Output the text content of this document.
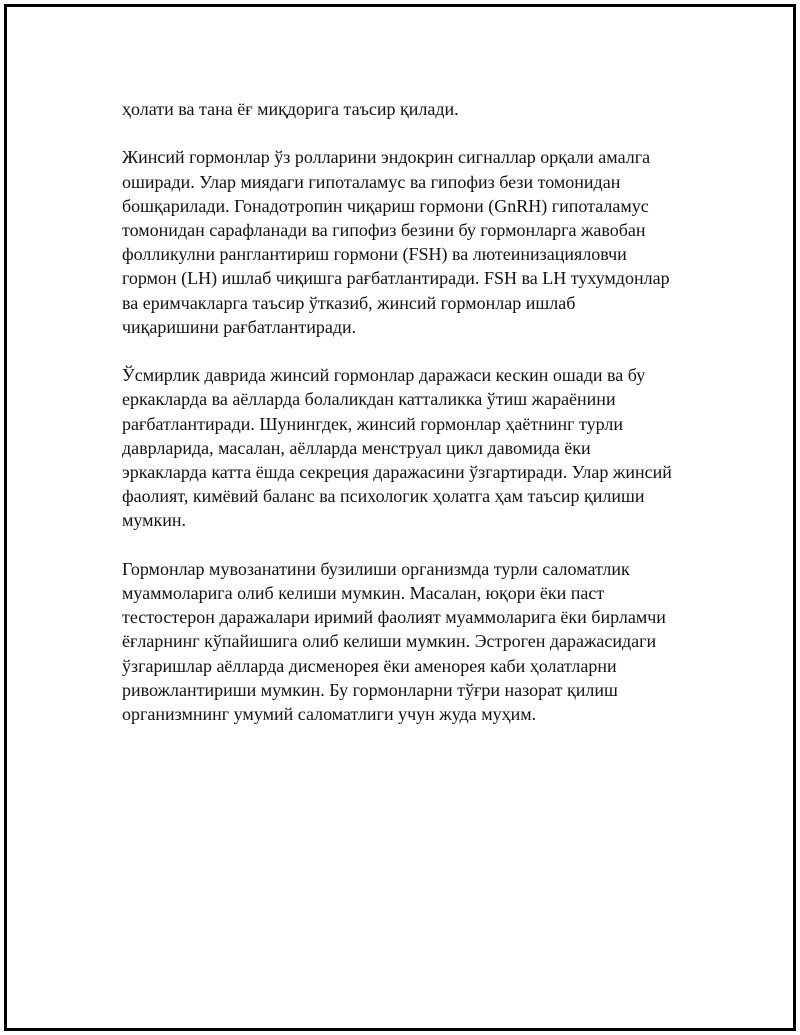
ҳолати ва тана ёғ миқдорига таъсир қилади.

Жинсий гормонлар ўз ролларини эндокрин сигналлар орқали амалга
оширади. Улар миядаги гипоталамус ва гипофиз бези томонидан
бошқарилади. Гонадотропин чиқариш гормони (GnRH) гипоталамус
томонидан сарафланади ва гипофиз безини бу гормонларга жавобан
фолликулни ранглантириш гормони (FSH) ва лютеинизацияловчи
гормон (LH) ишлаб чиқишга рағбатлантиради. FSH ва LH тухумдонлар
ва еримчакларга таъсир ўтказиб, жинсий гормонлар ишлаб
чиқаришини рағбатлантиради.

Ўсмирлик даврида жинсий гормонлар даражаси кескин ошади ва бу
еркакларда ва аёлларда болаликдан катталикка ўтиш жараёнини
рағбатлантиради. Шунингдек, жинсий гормонлар ҳаётнинг турли
даврларида, масалан, аёлларда менструал цикл давомида ёки
эркакларда катта ёшда секреция даражасини ўзгартиради. Улар жинсий
фаолият, кимёвий баланс ва психологик ҳолатга ҳам таъсир қилиши
мумкин.

Гормонлар мувозанатини бузилиши организмда турли саломатлик
муаммоларига олиб келиши мумкин. Масалан, юқори ёки паст
тестостерон даражалари иримий фаолият муаммоларига ёки бирламчи
ёғларнинг кўпайишига олиб келиши мумкин. Эстроген даражасидаги
ўзгаришлар аёлларда дисменорея ёки аменорея каби ҳолатларни
ривожлантириши мумкин. Бу гормонларни тўғри назорат қилиш
организмнинг умумий саломатлиги учун жуда муҳим.
